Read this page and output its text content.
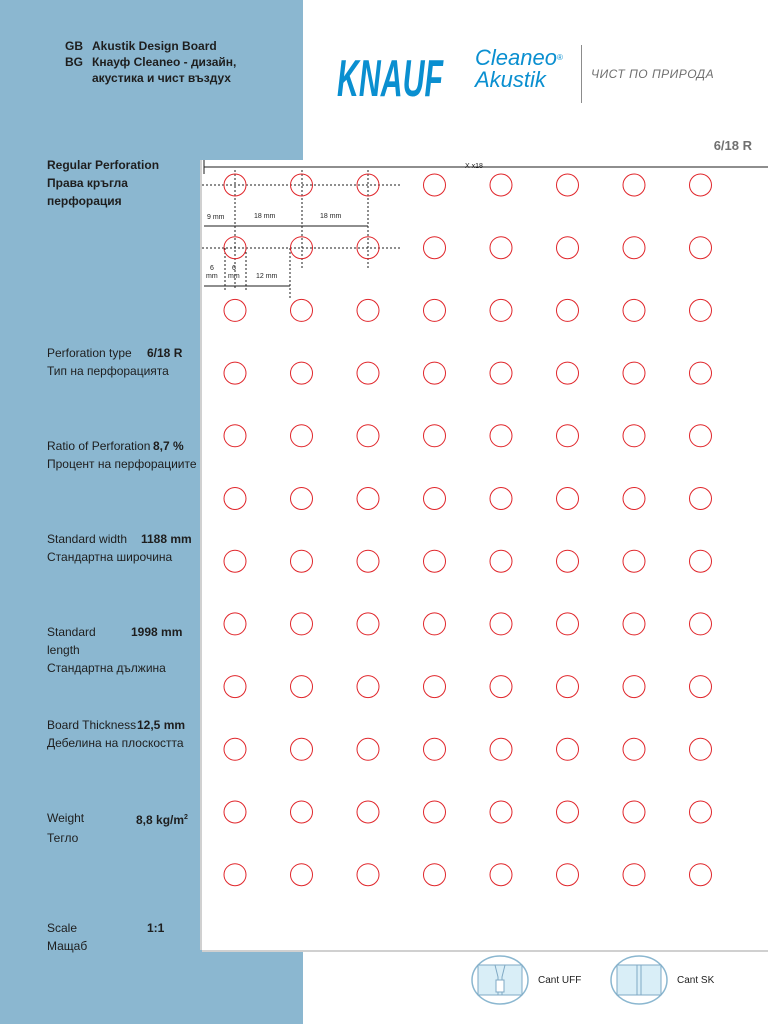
GB Akustik Design Board
BG Кнауф Cleaneo - дизайн,
акустика и чист въздух KNAUF Cleaneo®
Akustik	ЧИСТ ПО ПРИРОДА
6/18 R
Regular Perforation
Права кръгла
перфорация
Perforation type	6/18 R
Тип на перфорацията
Ratio of Perforation 8,7 %
Процент на перфорациите
Standard width	1188 mm
Стандартна широчина
Standard length
1998 mm
Стандартна дължина
Board Thickness 12,5 mm
Дебелина на плоскостта
Weight	8,8 $kg/m^2$
Тегло
Scale	1:1
Мащаб
X x18
9 mm	18 mm	18 mm
6
mm
6
mm 12 mm
Cant UFF	Cant SK
